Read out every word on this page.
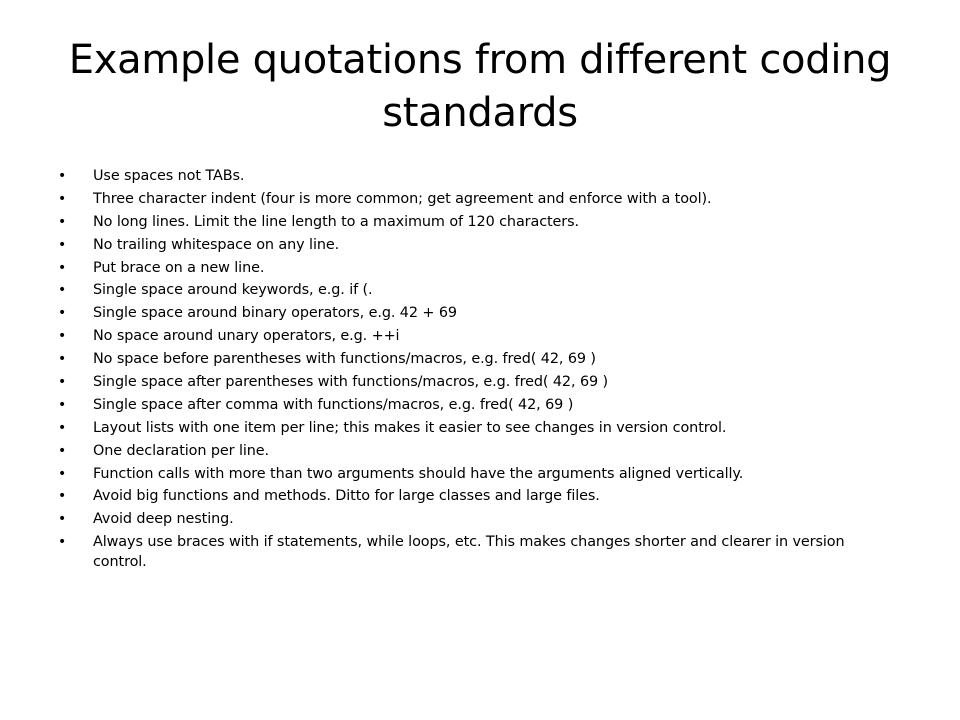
Example quotations from different coding standards
• Use spaces not TABs.
• Three character indent (four is more common; get agreement and enforce with a tool).
• No long lines. Limit the line length to a maximum of 120 characters.
• No trailing whitespace on any line.
• Put brace on a new line.
• Single space around keywords, e.g. if (.
• Single space around binary operators, e.g. 42 + 69
• No space around unary operators, e.g. ++i
• No space before parentheses with functions/macros, e.g. fred( 42, 69 )
• Single space after parentheses with functions/macros, e.g. fred( 42, 69 )
• Single space after comma with functions/macros, e.g. fred( 42, 69 )
• Layout lists with one item per line; this makes it easier to see changes in version control.
• One declaration per line.
• Function calls with more than two arguments should have the arguments aligned vertically.
• Avoid big functions and methods. Ditto for large classes and large files.
• Avoid deep nesting.
• Always use braces with if statements, while loops, etc. This makes changes shorter and clearer in version control.
